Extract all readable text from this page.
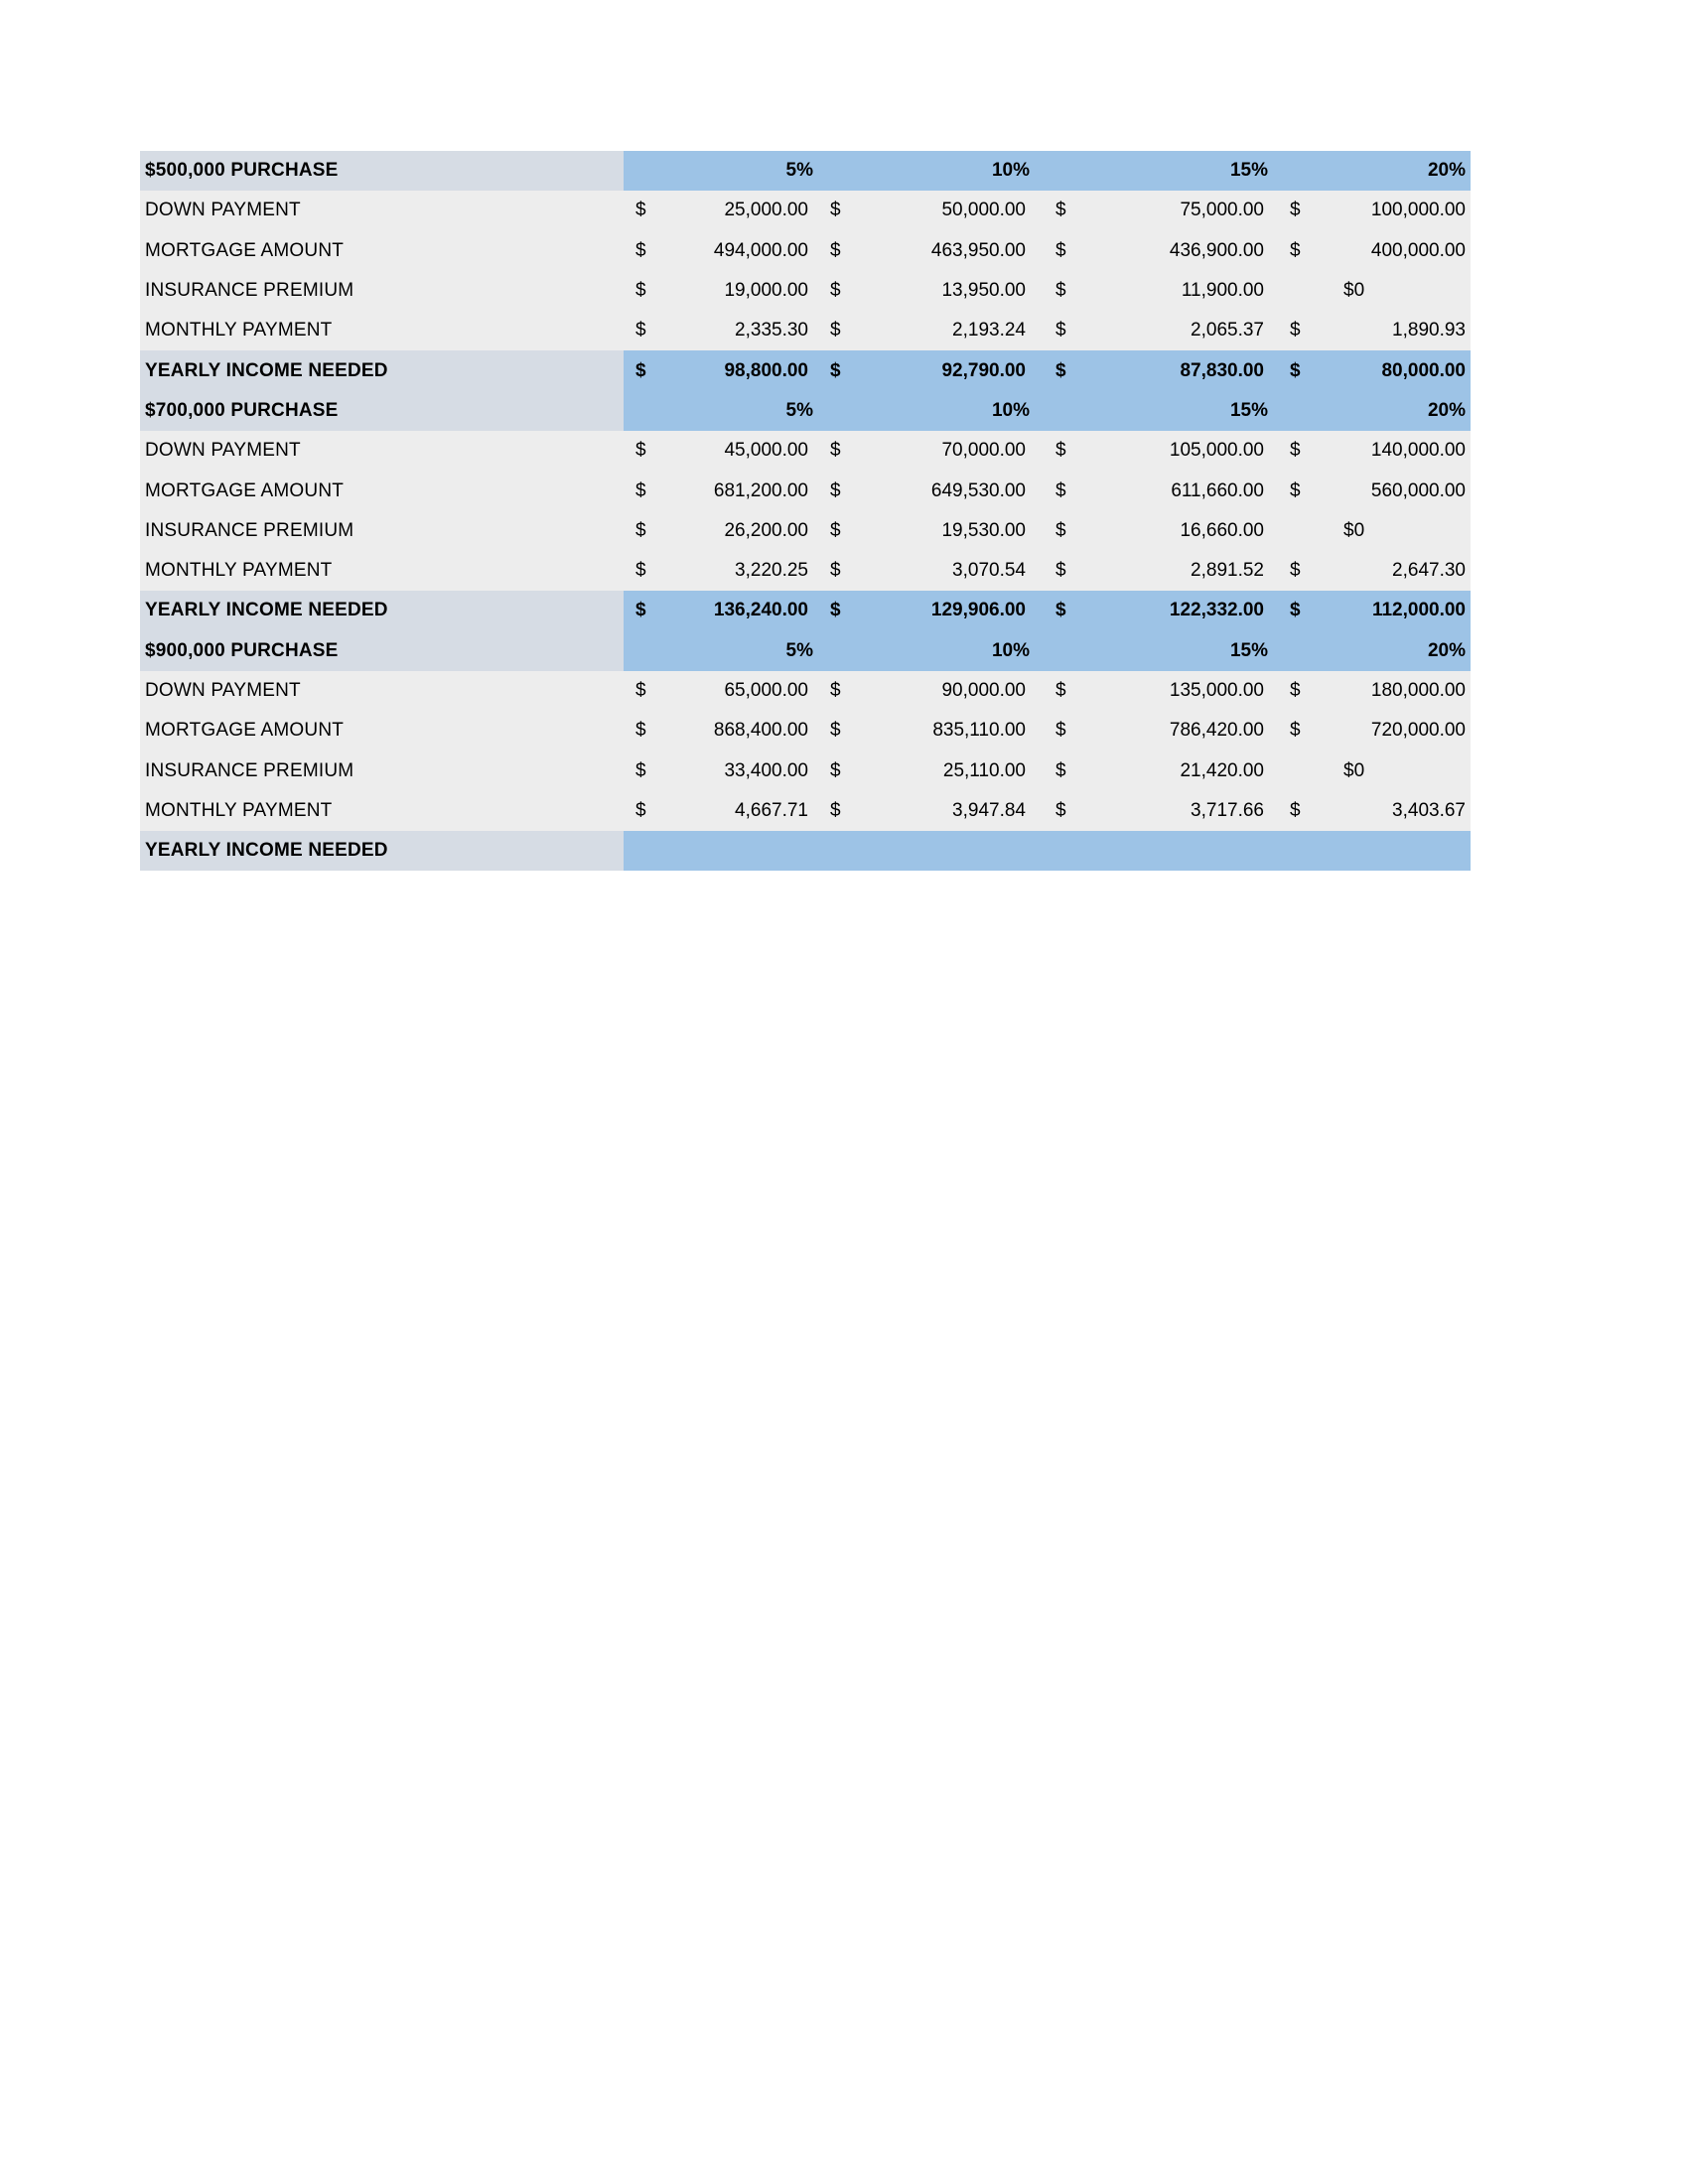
$500,000 PURCHASE	5%	10%	15%	20%
DOWN PAYMENT	$	25,000.00 $	50,000.00 $	75,000.00 $	100,000.00
MORTGAGE AMOUNT	$	494,000.00 $	463,950.00 $	436,900.00 $	400,000.00
INSURANCE PREMIUM	$	19,000.00 $	13,950.00 $	11,900.00	$0
MONTHLY PAYMENT	$	2,335.30 $	2,193.24 $	2,065.37 $	1,890.93
YEARLY INCOME NEEDED	$	98,800.00 $	92,790.00 $	87,830.00 $	80,000.00
$700,000 PURCHASE	5%	10%	15%	20%
DOWN PAYMENT	$	45,000.00 $	70,000.00 $	105,000.00 $	140,000.00
MORTGAGE AMOUNT	$	681,200.00 $	649,530.00 $	611,660.00 $	560,000.00
INSURANCE PREMIUM	$	26,200.00 $	19,530.00 $	16,660.00	$0
MONTHLY PAYMENT	$	3,220.25 $	3,070.54 $	2,891.52 $	2,647.30
YEARLY INCOME NEEDED	$	136,240.00 $	129,906.00 $	122,332.00 $	112,000.00
$900,000 PURCHASE	5%	10%	15%	20%
DOWN PAYMENT	$	65,000.00 $	90,000.00 $	135,000.00 $	180,000.00
MORTGAGE AMOUNT	$	868,400.00 $	835,110.00 $	786,420.00 $	720,000.00
INSURANCE PREMIUM	$	33,400.00 $	25,110.00 $	21,420.00	$0
MONTHLY PAYMENT	$	4,667.71 $	3,947.84 $	3,717.66 $	3,403.67
YEARLY INCOME NEEDED
